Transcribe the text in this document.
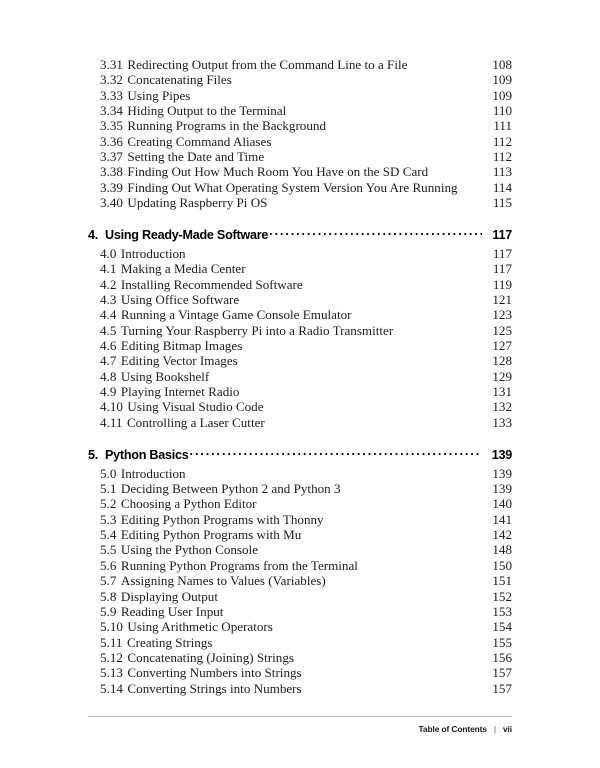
3.31 Redirecting Output from the Command Line to a File	108
3.32 Concatenating Files	109
3.33 Using Pipes	109
3.34 Hiding Output to the Terminal	110
3.35 Running Programs in the Background	111
3.36 Creating Command Aliases	112
3.37 Setting the Date and Time	112
3.38 Finding Out How Much Room You Have on the SD Card	113
3.39 Finding Out What Operating System Version You Are Running	114
3.40 Updating Raspberry Pi OS	115
4. Using Ready-Made Software .....	117
4.0 Introduction	117
4.1 Making a Media Center	117
4.2 Installing Recommended Software	119
4.3 Using Office Software	121
4.4 Running a Vintage Game Console Emulator	123
4.5 Turning Your Raspberry Pi into a Radio Transmitter	125
4.6 Editing Bitmap Images	127
4.7 Editing Vector Images	128
4.8 Using Bookshelf	129
4.9 Playing Internet Radio	131
4.10 Using Visual Studio Code	132
4.11 Controlling a Laser Cutter	133
5. Python Basics .....	139
5.0 Introduction	139
5.1 Deciding Between Python 2 and Python 3	139
5.2 Choosing a Python Editor	140
5.3 Editing Python Programs with Thonny	141
5.4 Editing Python Programs with Mu	142
5.5 Using the Python Console	148
5.6 Running Python Programs from the Terminal	150
5.7 Assigning Names to Values (Variables)	151
5.8 Displaying Output	152
5.9 Reading User Input	153
5.10 Using Arithmetic Operators	154
5.11 Creating Strings	155
5.12 Concatenating (Joining) Strings	156
5.13 Converting Numbers into Strings	157
5.14 Converting Strings into Numbers	157
Table of Contents | vii
